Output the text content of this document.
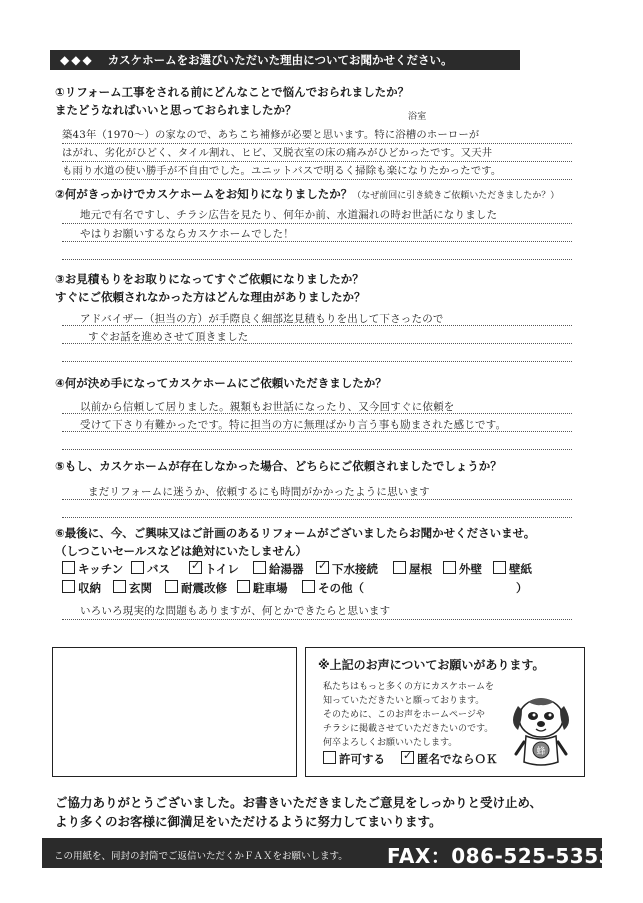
◆◆◆ カスケホームをお選びいただいた理由についてお聞かせください。
①リフォーム工事をされる前にどんなことで悩んでおられましたか？
またどうなればいいと思っておられましたか？	浴室
築43年（1970～）の家なので、あちこち補修が必要と思います。特に浴槽のホーローが
はがれ、劣化がひどく、タイル割れ、ヒビ、又脱衣室の床の痛みがひどかったです。又天井
も雨り水道の使い勝手が不自由でした。ユニットバスで明るく掃除も楽になりたかったです。
②何がきっかけでカスケホームをお知りになりましたか？（なぜ前回に引き続きご依頼いただきましたか？）
地元で有名ですし、チラシ広告を見たり、何年か前、水道漏れの時お世話になりました
やはりお願いするならカスケホームでした！
③お見積もりをお取りになってすぐご依頼になりましたか？
すぐにご依頼されなかった方はどんな理由がありましたか？
アドバイザー（担当の方）が手際良く細部迄見積もりを出して下さったので
すぐお話を進めさせて頂きました
④何が決め手になってカスケホームにご依頼いただきましたか？
以前から信頼して居りました。親類もお世話になったり、又今回すぐに依頼を
受けて下さり有難かったです。特に担当の方に無理ばかり言う事も励まされた感じです。
⑤もし、カスケホームが存在しなかった場合、どちらにご依頼されましたでしょうか？
まだリフォームに迷うか、依頼するにも時間がかかったように思います
⑥最後に、今、ご興味又はご計画のあるリフォームがございましたらお聞かせくださいませ。
（しつこいセールスなどは絶対にいたしません）
キッチン	バス ✓	トイレ	給湯器 ✓	下水接続	屋根	外壁	壁紙
収納	玄関	耐震改修	駐車場	その他（	）
いろいろ現実的な問題もありますが、何とかできたらと思います
※上記のお声についてお願いがあります。
私たちはもっと多くの方にカスケホームを
知っていただきたいと願っております。
そのために、このお声をホームページや
チラシに掲載させていただきたいのです。
何卒よろしくお願いいたします。
許可する ✓	匿名でならＯＫ	蜂
ご協力ありがとうございました。お書きいただきましたご意見をしっかりと受け止め、
より多くのお客様に御満足をいただけるように努力してまいります。
この用紙を、同封の封筒でご返信いただくかＦＡＸをお願いします。 FAX：086-525-5353
